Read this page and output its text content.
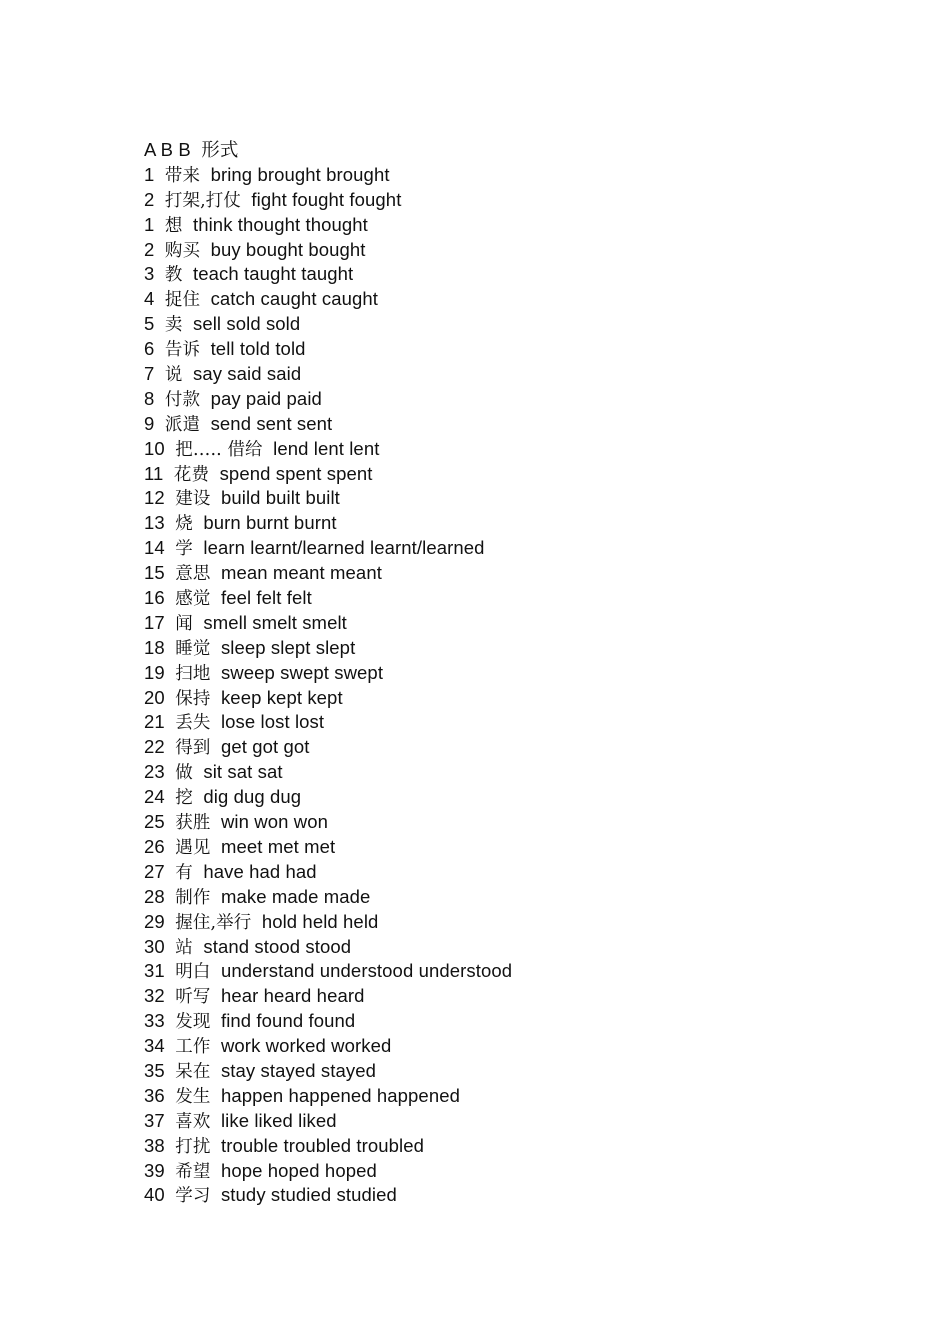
A B B  形式
1 带来 bring brought brought
2 打架,打仗 fight fought fought
1 想 think thought thought
2 购买 buy bought bought
3 教 teach taught taught
4 捉住 catch caught caught
5 卖 sell sold sold
6 告诉 tell told told
7 说 say said said
8 付款 pay paid paid
9 派遣 send sent sent
10 把….. 借给 lend lent lent
11 花费 spend spent spent
12 建设 build built built
13 烧 burn burnt burnt
14 学 learn learnt/learned learnt/learned
15 意思 mean meant meant
16 感觉 feel felt felt
17 闻 smell smelt smelt
18 睡觉 sleep slept slept
19 扫地 sweep swept swept
20 保持 keep kept kept
21 丢失 lose lost lost
22 得到 get got got
23 做 sit sat sat
24 挖 dig dug dug
25 获胜 win won won
26 遇见 meet met met
27 有 have had had
28 制作 make made made
29 握住,举行 hold held held
30 站 stand stood stood
31 明白 understand understood understood
32 听写 hear heard heard
33 发现 find found found
34 工作 work worked worked
35 呆在 stay stayed stayed
36 发生 happen happened happened
37 喜欢 like liked liked
38 打扰 trouble troubled troubled
39 希望 hope hoped hoped
40 学习 study studied studied
